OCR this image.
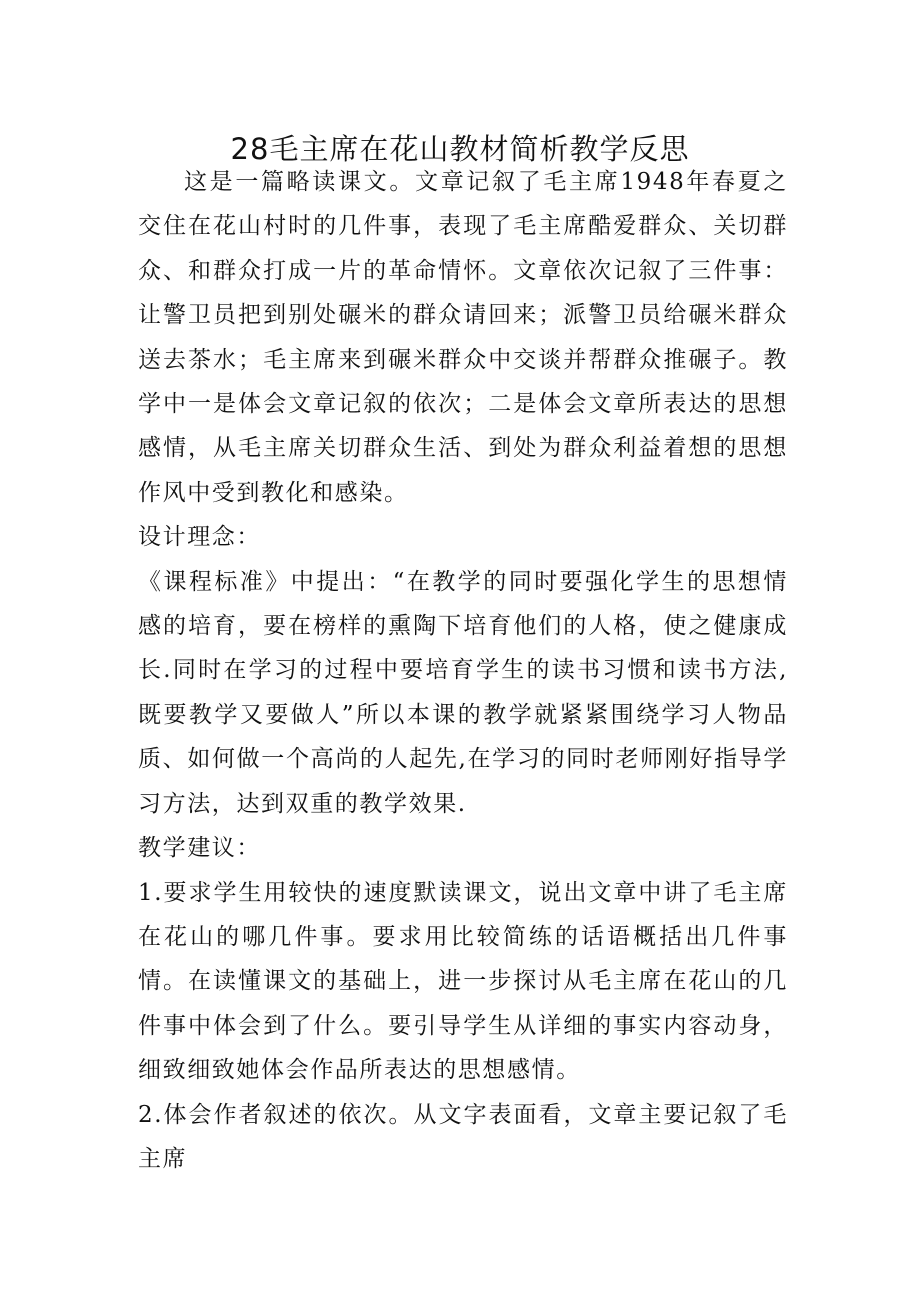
28毛主席在花山教材简析教学反思

这是一篇略读课文。文章记叙了毛主席1948年春夏之交住在花山村时的几件事，表现了毛主席酷爱群众、关切群众、和群众打成一片的革命情怀。文章依次记叙了三件事：让警卫员把到别处碾米的群众请回来；派警卫员给碾米群众送去茶水；毛主席来到碾米群众中交谈并帮群众推碾子。教学中一是体会文章记叙的依次；二是体会文章所表达的思想感情，从毛主席关切群众生活、到处为群众利益着想的思想作风中受到教化和感染。

设计理念：

《课程标准》中提出：“在教学的同时要强化学生的思想情感的培育，要在榜样的熏陶下培育他们的人格，使之健康成长.同时在学习的过程中要培育学生的读书习惯和读书方法,既要教学又要做人”所以本课的教学就紧紧围绕学习人物品质、如何做一个高尚的人起先,在学习的同时老师刚好指导学习方法，达到双重的教学效果.

教学建议：

1.要求学生用较快的速度默读课文，说出文章中讲了毛主席在花山的哪几件事。要求用比较简练的话语概括出几件事情。在读懂课文的基础上，进一步探讨从毛主席在花山的几件事中体会到了什么。要引导学生从详细的事实内容动身，细致细致她体会作品所表达的思想感情。

2.体会作者叙述的依次。从文字表面看，文章主要记叙了毛主席
